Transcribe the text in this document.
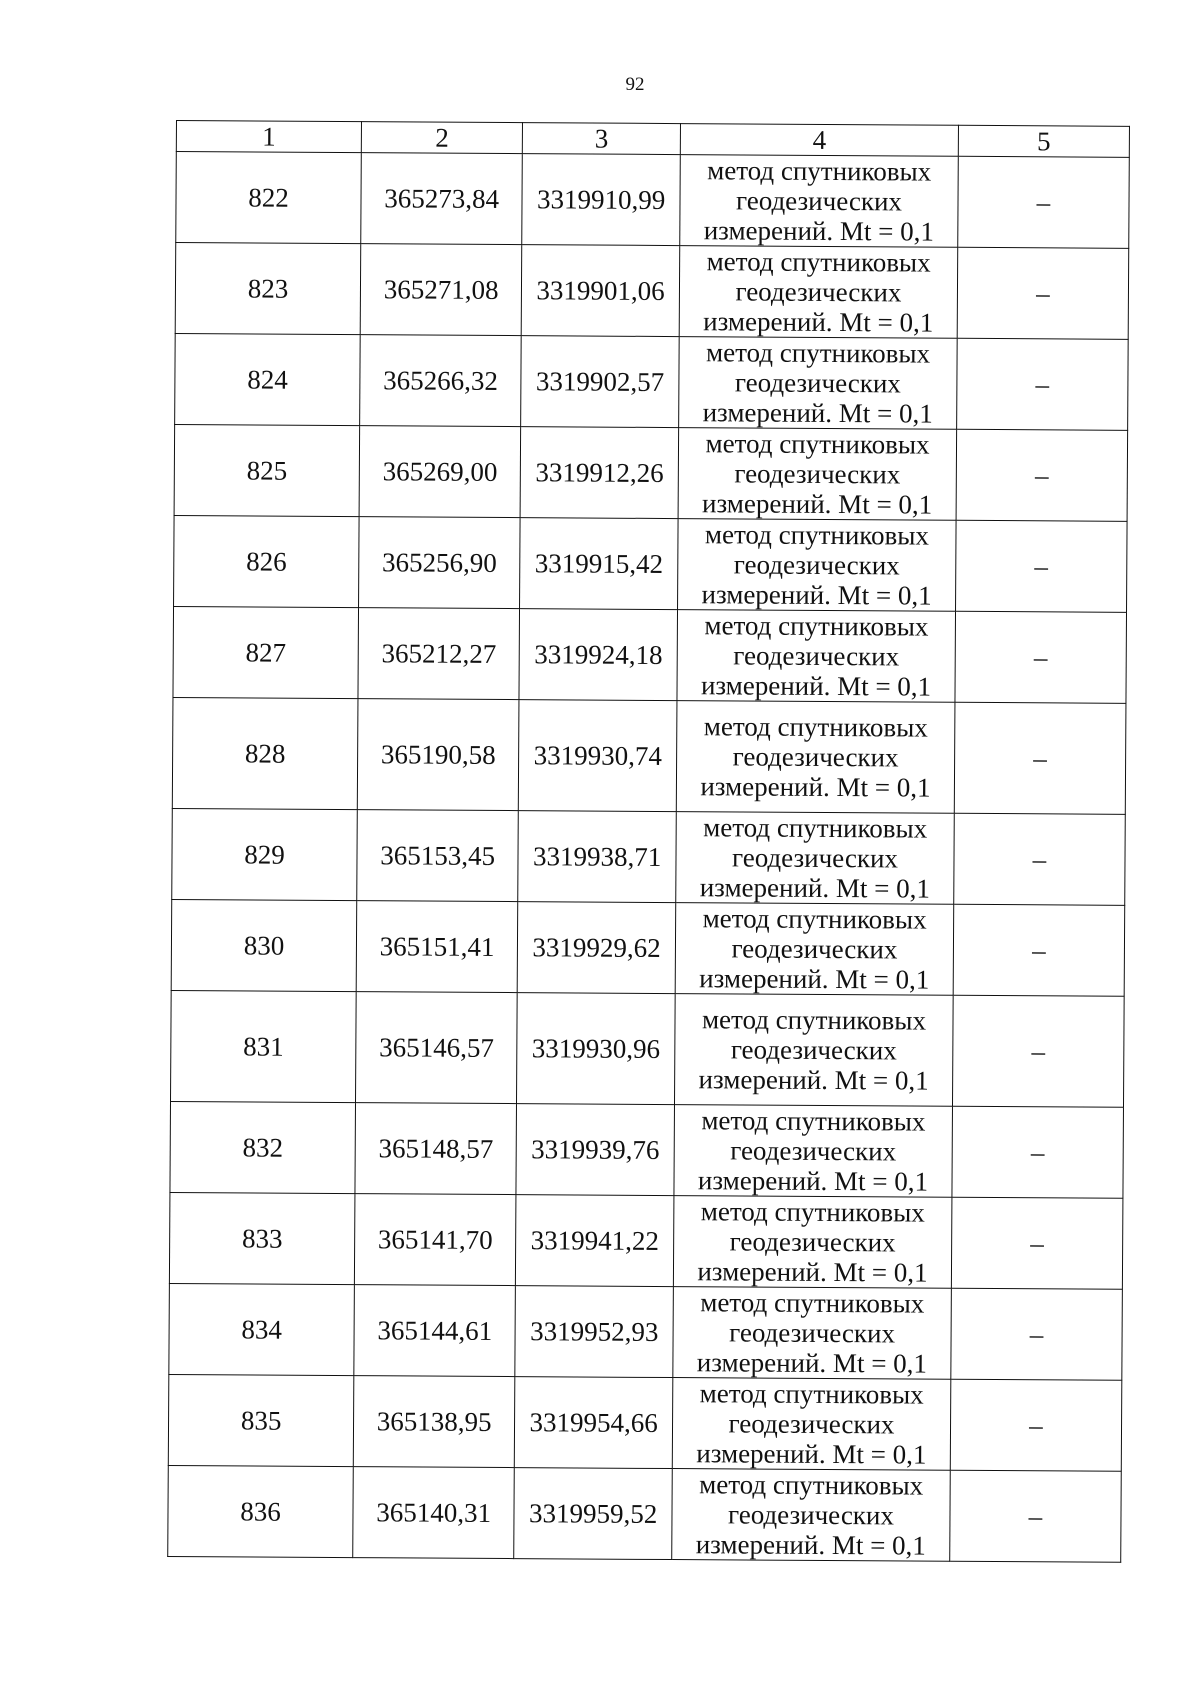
92
1	2	3	4	5
822	365273,84	3319910,99	метод спутниковых
геодезических
измерений. Mt = 0,1	–
823	365271,08	3319901,06	метод спутниковых
геодезических
измерений. Mt = 0,1	–
824	365266,32	3319902,57	метод спутниковых
геодезических
измерений. Mt = 0,1	–
825	365269,00	3319912,26	метод спутниковых
геодезических
измерений. Mt = 0,1	–
826	365256,90	3319915,42	метод спутниковых
геодезических
измерений. Mt = 0,1	–
827	365212,27	3319924,18	метод спутниковых
геодезических
измерений. Mt = 0,1	–
828	365190,58	3319930,74	метод спутниковых
геодезических
измерений. Mt = 0,1	–
829	365153,45	3319938,71	метод спутниковых
геодезических
измерений. Mt = 0,1	–
830	365151,41	3319929,62	метод спутниковых
геодезических
измерений. Mt = 0,1	–
831	365146,57	3319930,96	метод спутниковых
геодезических
измерений. Mt = 0,1	–
832	365148,57	3319939,76	метод спутниковых
геодезических
измерений. Mt = 0,1	–
833	365141,70	3319941,22	метод спутниковых
геодезических
измерений. Mt = 0,1	–
834	365144,61	3319952,93	метод спутниковых
геодезических
измерений. Mt = 0,1	–
835	365138,95	3319954,66	метод спутниковых
геодезических
измерений. Mt = 0,1	–
836	365140,31	3319959,52	метод спутниковых
геодезических
измерений. Mt = 0,1	–
